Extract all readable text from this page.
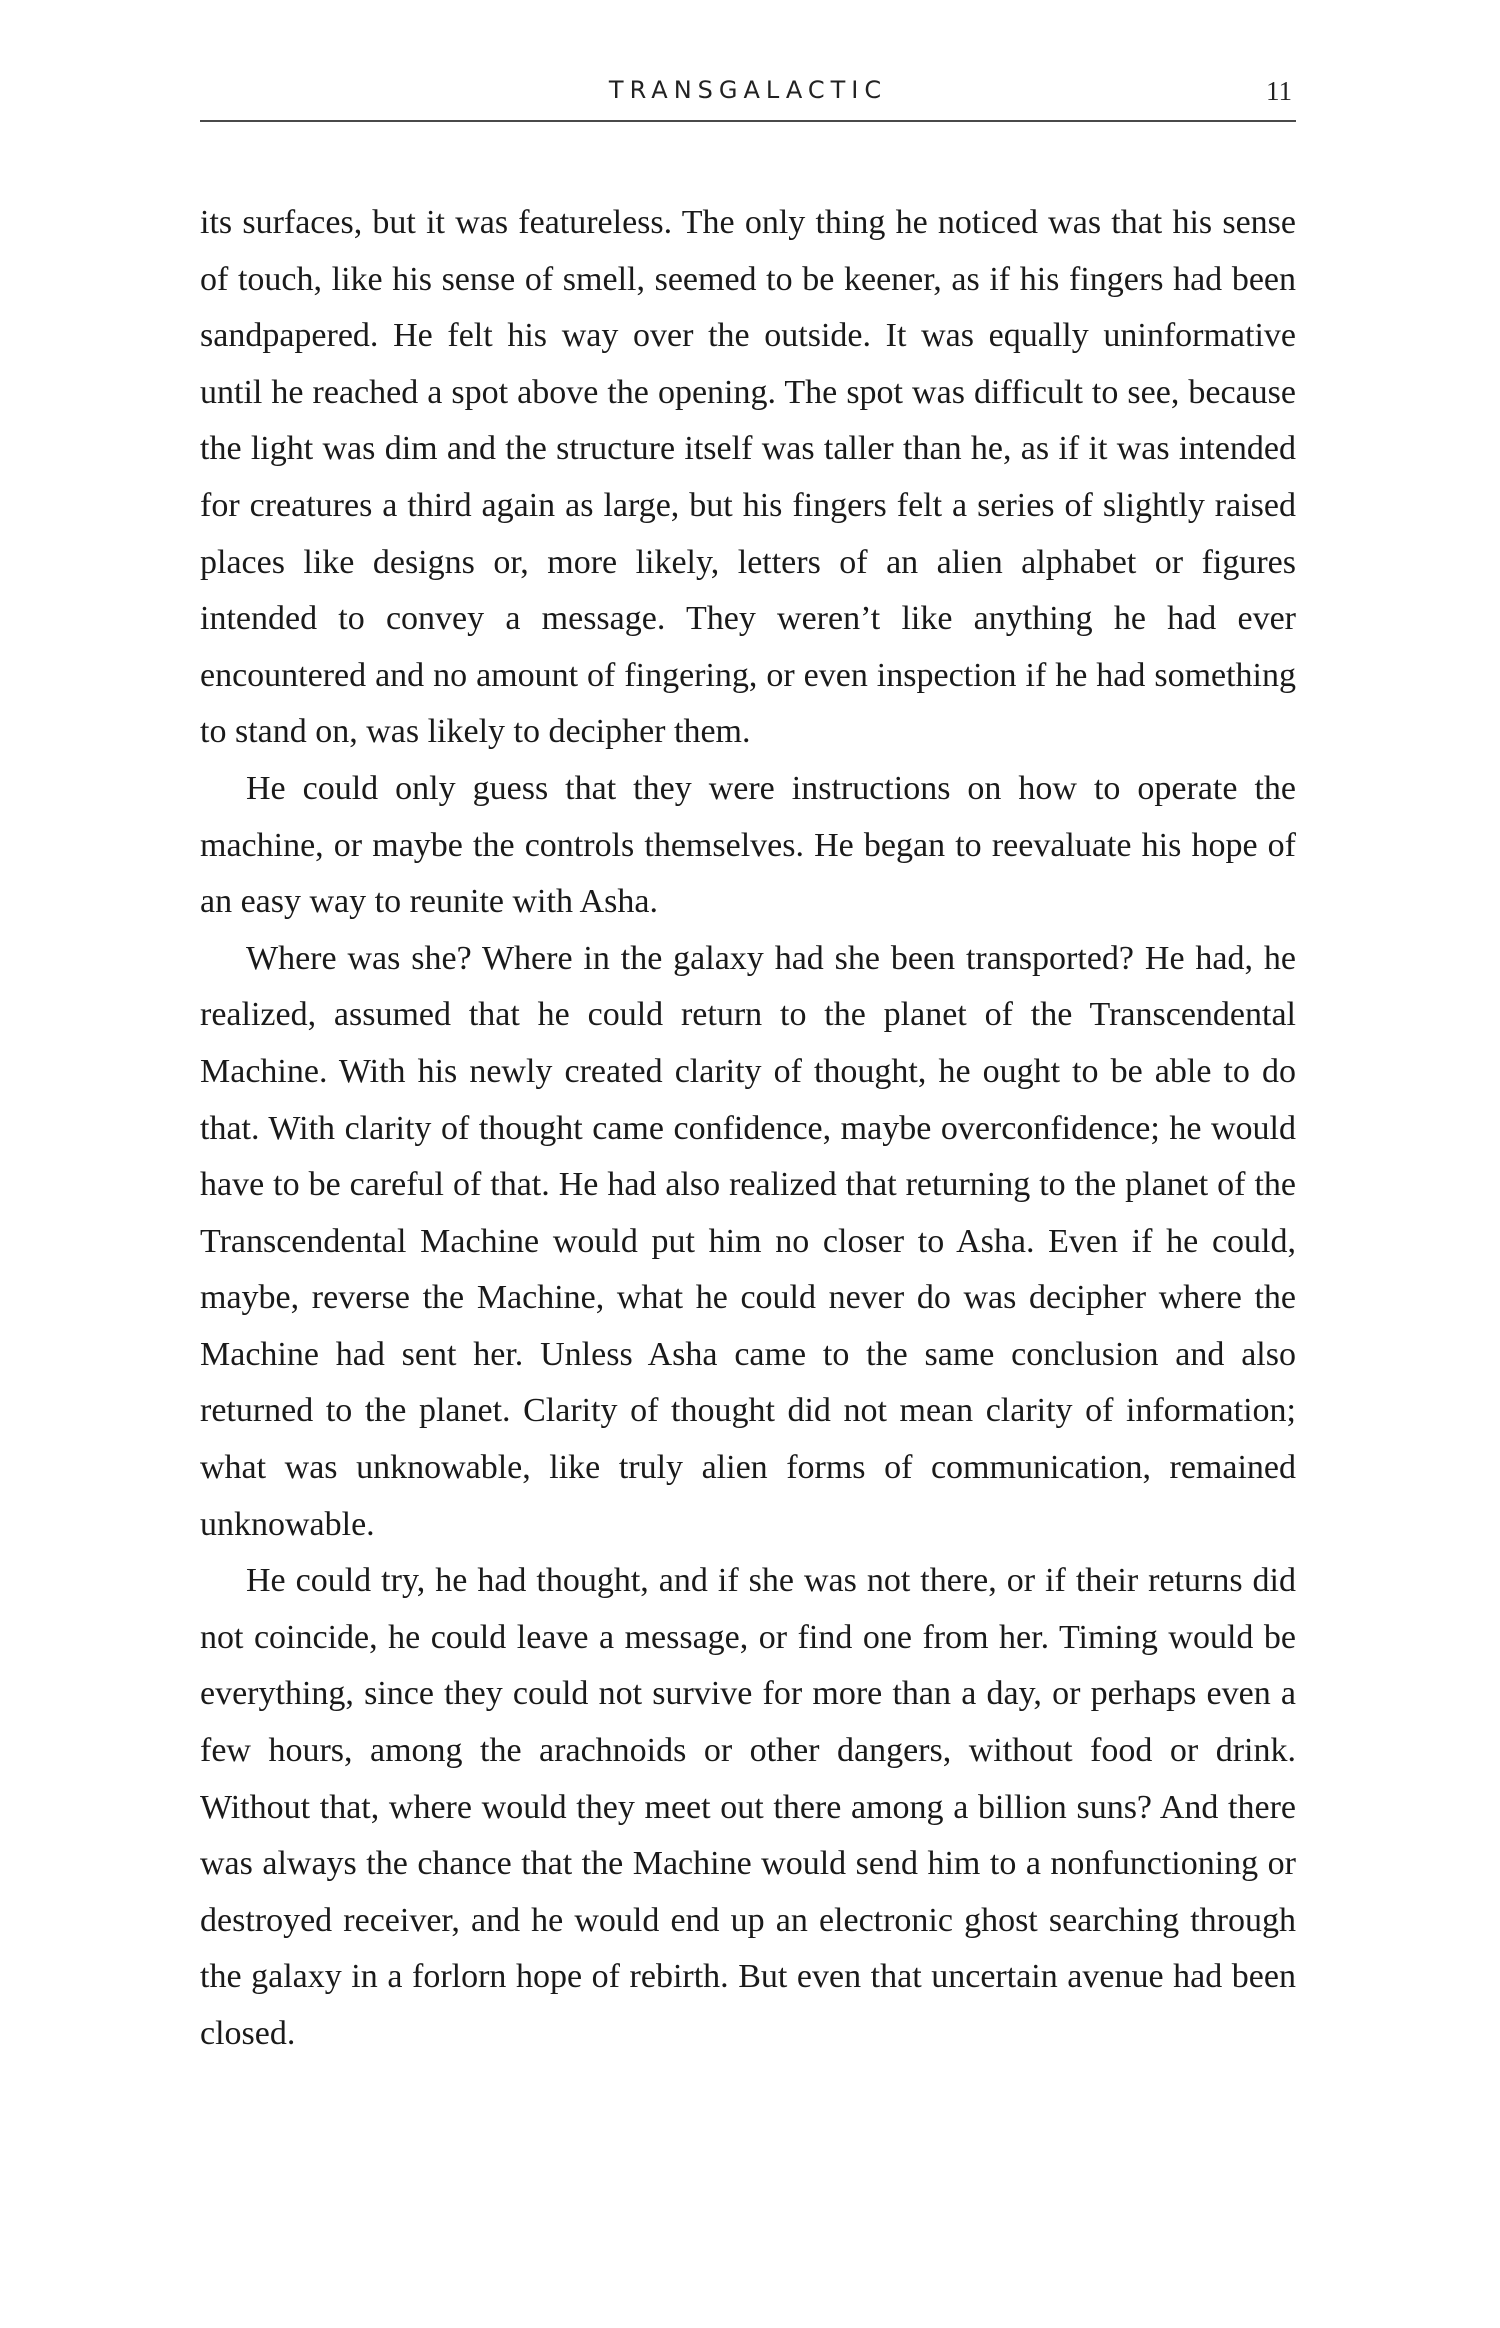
TRANSGALACTIC	11

its surfaces, but it was featureless. The only thing he noticed was that his sense of touch, like his sense of smell, seemed to be keener, as if his fingers had been sandpapered. He felt his way over the outside. It was equally uninformative until he reached a spot above the opening. The spot was difficult to see, because the light was dim and the structure itself was taller than he, as if it was intended for creatures a third again as large, but his fingers felt a series of slightly raised places like designs or, more likely, letters of an alien alphabet or figures intended to convey a message. They weren’t like anything he had ever encountered and no amount of fingering, or even inspection if he had something to stand on, was likely to decipher them.

He could only guess that they were instructions on how to operate the machine, or maybe the controls themselves. He began to reevaluate his hope of an easy way to reunite with Asha.

Where was she? Where in the galaxy had she been transported? He had, he realized, assumed that he could return to the planet of the Transcendental Machine. With his newly created clarity of thought, he ought to be able to do that. With clarity of thought came confidence, maybe overconfidence; he would have to be careful of that. He had also realized that returning to the planet of the Transcendental Machine would put him no closer to Asha. Even if he could, maybe, reverse the Machine, what he could never do was decipher where the Machine had sent her. Unless Asha came to the same conclusion and also returned to the planet. Clarity of thought did not mean clarity of information; what was unknowable, like truly alien forms of communication, remained unknowable.

He could try, he had thought, and if she was not there, or if their returns did not coincide, he could leave a message, or find one from her. Timing would be everything, since they could not survive for more than a day, or perhaps even a few hours, among the arachnoids or other dangers, without food or drink. Without that, where would they meet out there among a billion suns? And there was always the chance that the Machine would send him to a nonfunctioning or destroyed receiver, and he would end up an electronic ghost searching through the galaxy in a forlorn hope of rebirth. But even that uncertain avenue had been closed.
